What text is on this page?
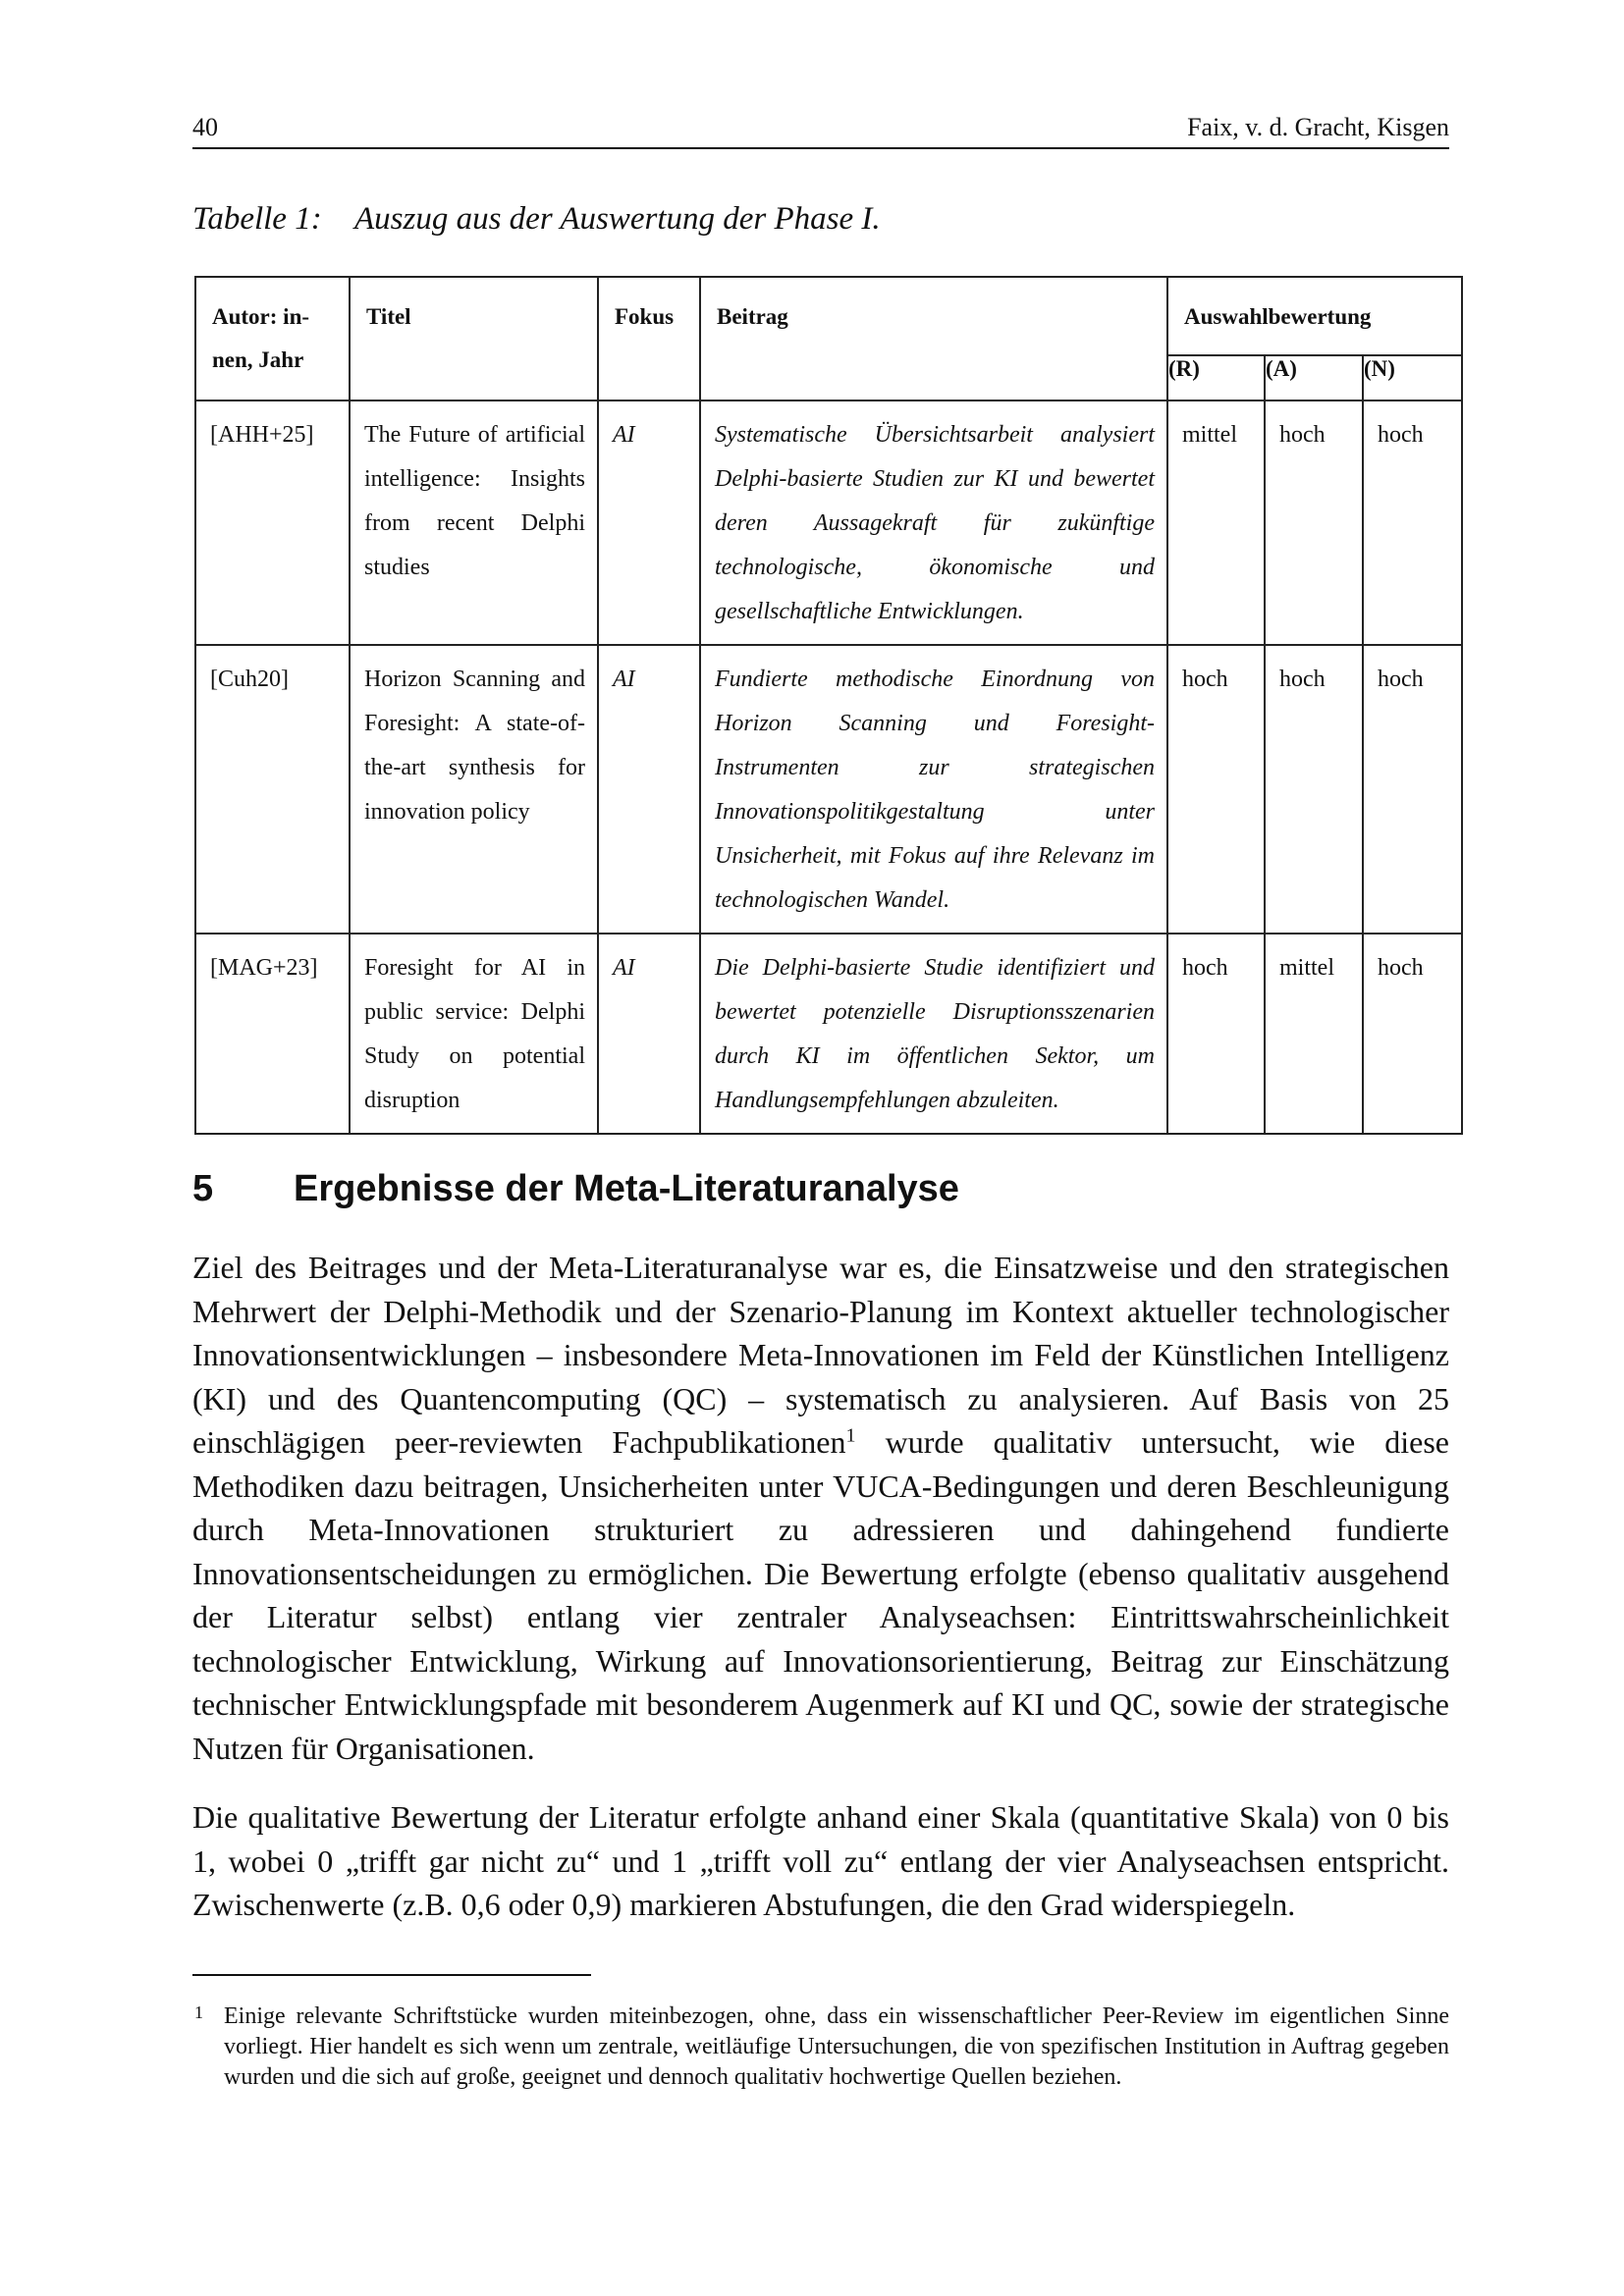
40	Faix, v. d. Gracht, Kisgen
Tabelle 1: Auszug aus der Auswertung der Phase I.
Autor: in-nen, Jahr	Titel	Fokus	Beitrag	Auswahlbewertung		

				(R)	(A)	(N)

[AHH+25]	The Future of artificial intelligence: Insights from recent Delphi studies	AI	Systematische Übersichtsarbeit analysiert Delphi-basierte Studien zur KI und bewertet deren Aussagekraft für zukünftige technologische, ökonomische und gesellschaftliche Entwicklungen.	mittel	hoch	hoch

[Cuh20]	Horizon Scanning and Foresight: A state-of-the-art synthesis for innovation policy	AI	Fundierte methodische Einordnung von Horizon Scanning und Foresight-Instrumenten zur strategischen Innovationspolitikgestaltung unter Unsicherheit, mit Fokus auf ihre Relevanz im technologischen Wandel.	hoch	hoch	hoch

[MAG+23]	Foresight for AI in public service: Delphi Study on potential disruption	AI	Die Delphi-basierte Studie identifiziert und bewertet potenzielle Disruptionsszenarien durch KI im öffentlichen Sektor, um Handlungsempfehlungen abzuleiten.	hoch	mittel	hoch
5 Ergebnisse der Meta-Literaturanalyse

Ziel des Beitrages und der Meta-Literaturanalyse war es, die Einsatzweise und den strategischen Mehrwert der Delphi-Methodik und der Szenario-Planung im Kontext aktueller technologischer Innovationsentwicklungen – insbesondere Meta-Innovationen im Feld der Künstlichen Intelligenz (KI) und des Quantencomputing (QC) – systematisch zu analysieren. Auf Basis von 25 einschlägigen peer-reviewten Fachpublikationen$^1$ wurde qualitativ untersucht, wie diese Methodiken dazu beitragen, Unsicherheiten unter VUCA-Bedingungen und deren Beschleunigung durch Meta-Innovationen strukturiert zu adressieren und dahingehend fundierte Innovationsentscheidungen zu ermöglichen. Die Bewertung erfolgte (ebenso qualitativ ausgehend der Literatur selbst) entlang vier zentraler Analyseachsen: Eintrittswahrscheinlichkeit technologischer Entwicklung, Wirkung auf Innovationsorientierung, Beitrag zur Einschätzung technischer Entwicklungspfade mit besonderem Augenmerk auf KI und QC, sowie der strategische Nutzen für Organisationen.

Die qualitative Bewertung der Literatur erfolgte anhand einer Skala (quantitative Skala) von 0 bis 1, wobei 0 „trifft gar nicht zu“ und 1 „trifft voll zu“ entlang der vier Analyseachsen entspricht. Zwischenwerte (z.B. 0,6 oder 0,9) markieren Abstufungen, die den Grad widerspiegeln.

1 Einige relevante Schriftstücke wurden miteinbezogen, ohne, dass ein wissenschaftlicher Peer-Review im eigentlichen Sinne vorliegt. Hier handelt es sich wenn um zentrale, weitläufige Untersuchungen, die von spezifischen Institution in Auftrag gegeben wurden und die sich auf große, geeignet und dennoch qualitativ hochwertige Quellen beziehen.
